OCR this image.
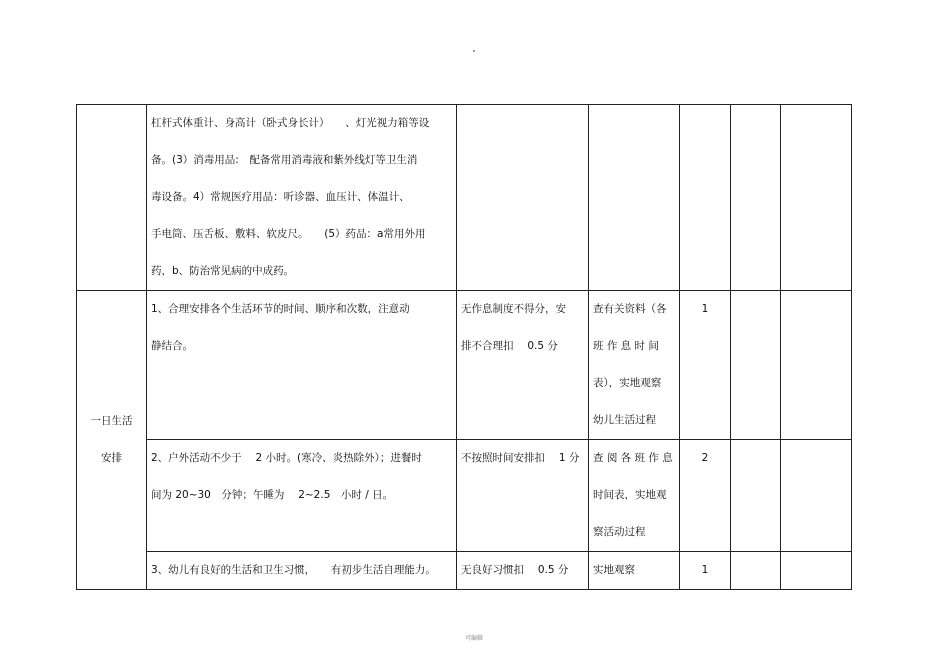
	杠杆式体重计、身高计（卧式身长计）　　、灯光视力箱等设
备。(3）消毒用品:　配备常用消毒液和紫外线灯等卫生消
毒设备。4）常规医疗用品：听诊器、血压计、体温计、
手电筒、压舌板、敷料、软皮尺。　　(5）药品：a常用外用
药，b、防治常见病的中成药。					

一日生活
安排	1、合理安排各个生活环节的时间、顺序和次数，注意动
静结合。	无作息制度不得分，安
排不合理扣　 0.5 分	查有关资料（各
班 作 息 时 间
表），实地观察
幼儿生活过程	1		

	2、户外活动不少于　 2 小时。(寒冷、炎热除外）；进餐时
间为 20~30　分钟；午睡为　 2~2.5　小时 / 日。	不按照时间安排扣　 1 分	查 阅 各 班 作 息
时间表，实地观
察活动过程	2		

	3、幼儿有良好的生活和卫生习惯，　　有初步生活自理能力。	无良好习惯扣　 0.5 分	实地观察	1		
可编辑
